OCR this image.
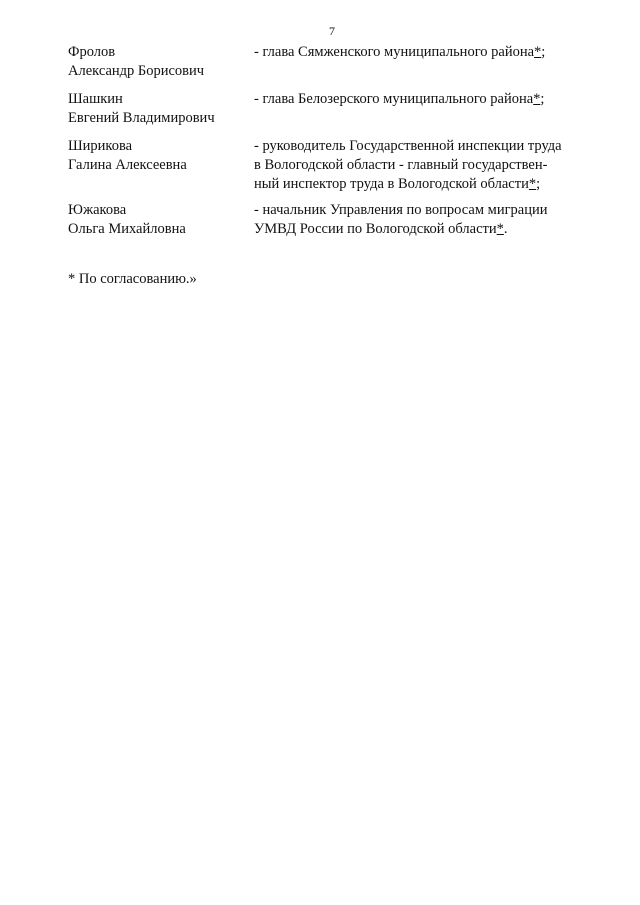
7
Фролов
Александр Борисович
- глава Сямженского муниципального района*;
Шашкин
Евгений Владимирович
- глава Белозерского муниципального района*;
Ширикова
Галина Алексеевна
- руководитель Государственной инспекции труда
в Вологодской области - главный государствен-
ный инспектор труда в Вологодской области*;
Южакова
Ольга Михайловна
- начальник Управления по вопросам миграции
УМВД России по Вологодской области*.
* По согласованию.»
